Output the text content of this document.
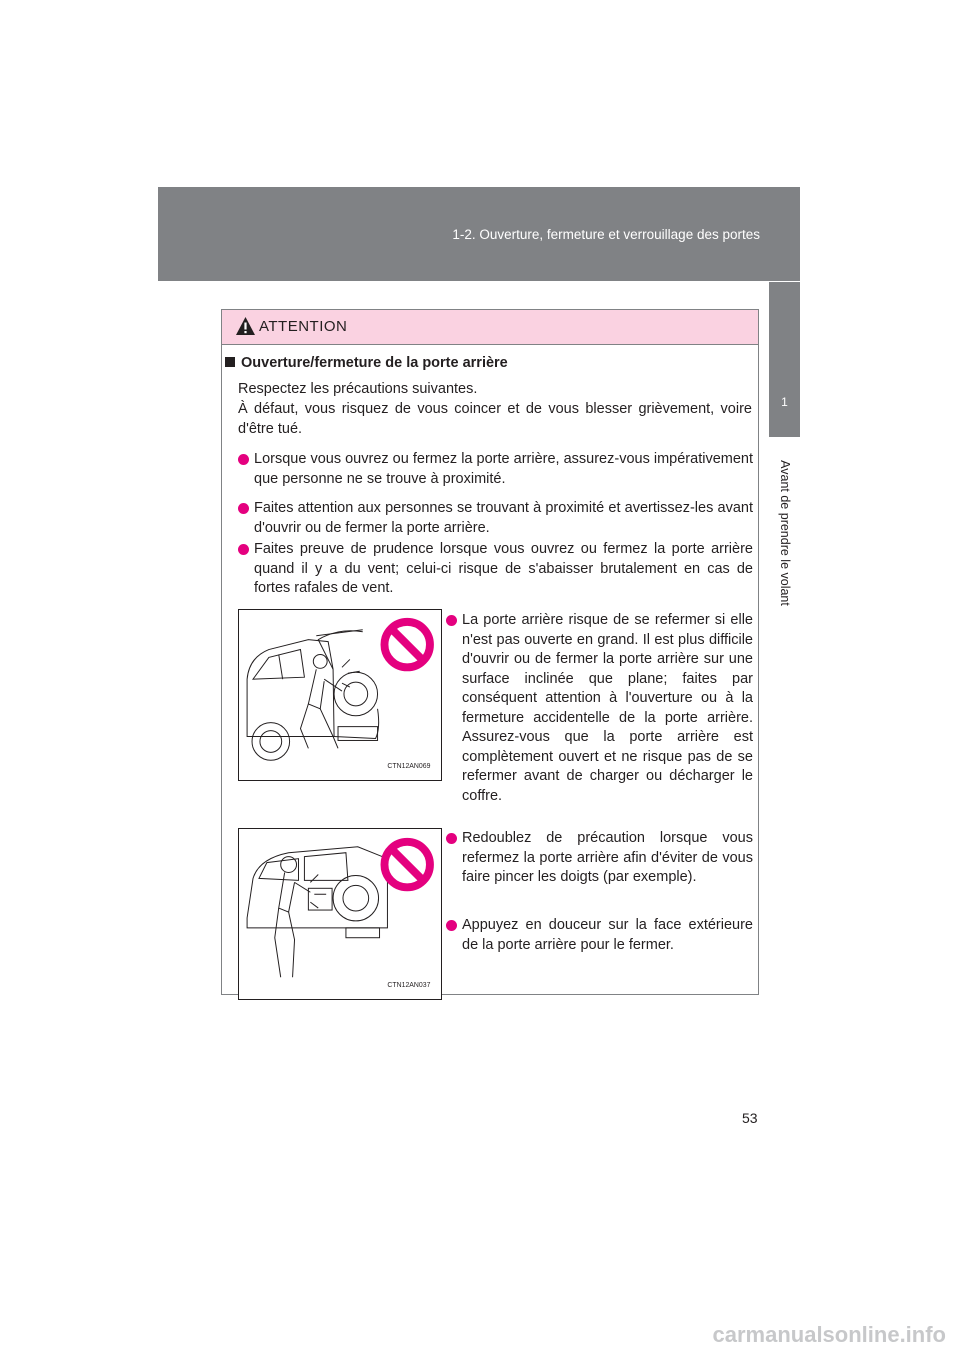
1-2. Ouverture, fermeture et verrouillage des portes
1
Avant de prendre le volant
ATTENTION
Ouverture/fermeture de la porte arrière
Respectez les précautions suivantes.
À défaut, vous risquez de vous coincer et de vous blesser grièvement, voire d'être tué.
Lorsque vous ouvrez ou fermez la porte arrière, assurez-vous impérativement que personne ne se trouve à proximité.
Faites attention aux personnes se trouvant à proximité et avertissez-les avant d'ouvrir ou de fermer la porte arrière.
Faites preuve de prudence lorsque vous ouvrez ou fermez la porte arrière quand il y a du vent; celui-ci risque de s'abaisser brutalement en cas de fortes rafales de vent.
CTN12AN069
La porte arrière risque de se refermer si elle n'est pas ouverte en grand. Il est plus difficile d'ouvrir ou de fermer la porte arrière sur une surface inclinée que plane; faites par conséquent attention à l'ouverture ou à la fermeture accidentelle de la porte arrière. Assurez-vous que la porte arrière est complètement ouvert et ne risque pas de se refermer avant de charger ou décharger le coffre.
CTN12AN037
Redoublez de précaution lorsque vous refermez la porte arrière afin d'éviter de vous faire pincer les doigts (par exemple).
Appuyez en douceur sur la face extérieure de la porte arrière pour le fermer.
53
carmanualsonline.info
